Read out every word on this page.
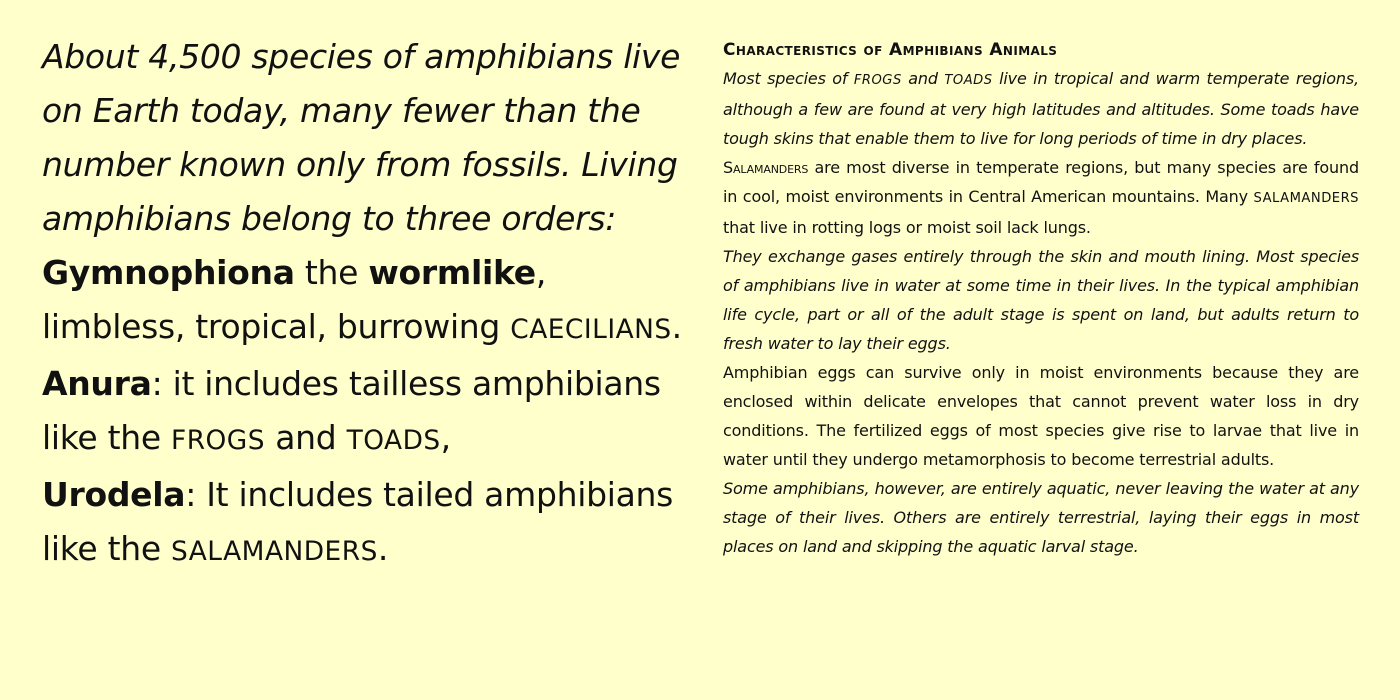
About 4,500 species of amphibians live on Earth today, many fewer than the number known only from fossils. Living amphibians belong to three orders:

Gymnophiona the wormlike, limbless, tropical, burrowing CAECILIANS.

Anura: it includes tailless amphibians like the FROGS and TOADS,

Urodela: It includes tailed amphibians like the SALAMANDERS.

Characteristics of Amphibians Animals

Most species of FROGS and TOADS live in tropical and warm temperate regions, although a few are found at very high latitudes and altitudes. Some toads have tough skins that enable them to live for long periods of time in dry places.

Salamanders are most diverse in temperate regions, but many species are found in cool, moist environments in Central American mountains. Many SALAMANDERS that live in rotting logs or moist soil lack lungs.

They exchange gases entirely through the skin and mouth lining. Most species of amphibians live in water at some time in their lives. In the typical amphibian life cycle, part or all of the adult stage is spent on land, but adults return to fresh water to lay their eggs.

Amphibian eggs can survive only in moist environments because they are enclosed within delicate envelopes that cannot prevent water loss in dry conditions. The fertilized eggs of most species give rise to larvae that live in water until they undergo metamorphosis to become terrestrial adults.

Some amphibians, however, are entirely aquatic, never leaving the water at any stage of their lives. Others are entirely terrestrial, laying their eggs in most places on land and skipping the aquatic larval stage.
